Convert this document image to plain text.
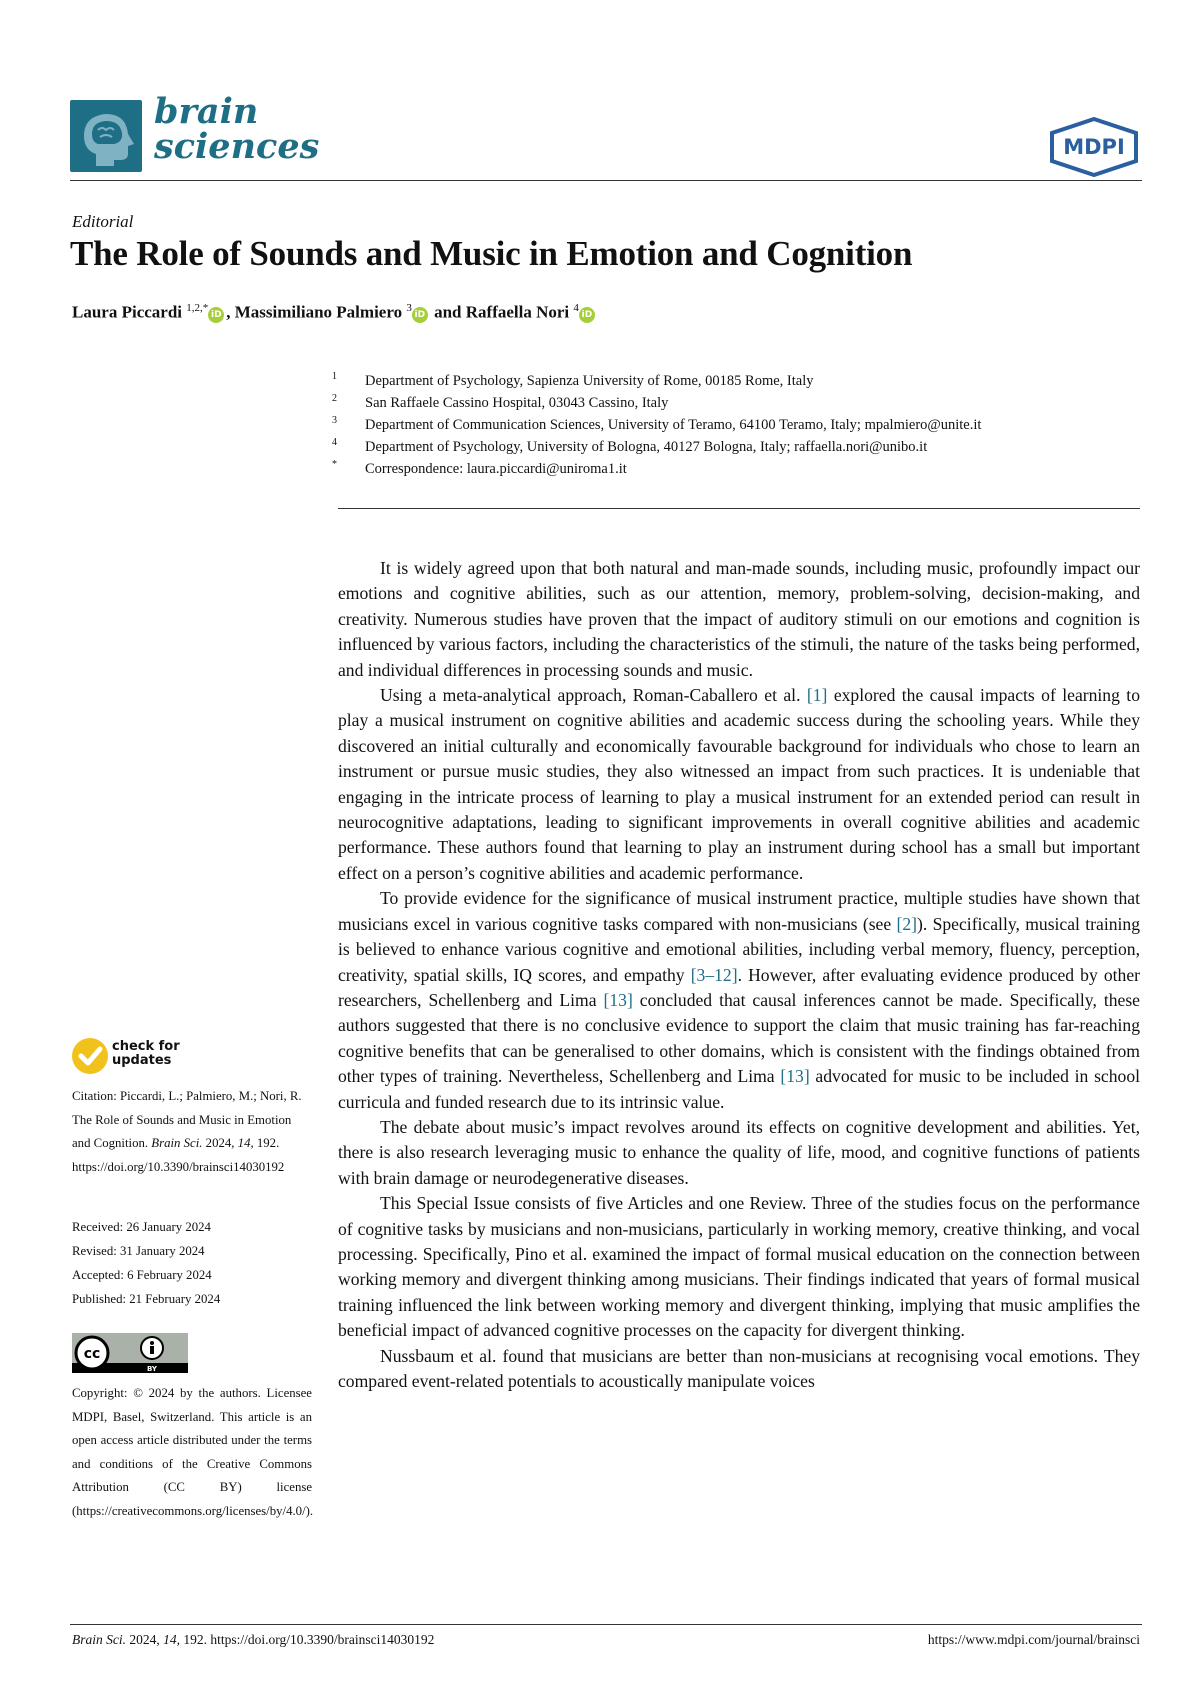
brain
sciences	MDPI
Editorial
The Role of Sounds and Music in Emotion and Cognition
Laura Piccardi $^{1,2,*}$iD , Massimiliano Palmiero $^3$iD and Raffaella Nori $^4$iD
1 Department of Psychology, Sapienza University of Rome, 00185 Rome, Italy
2 San Raffaele Cassino Hospital, 03043 Cassino, Italy
3 Department of Communication Sciences, University of Teramo, 64100 Teramo, Italy; mpalmiero@unite.it
4 Department of Psychology, University of Bologna, 40127 Bologna, Italy; raffaella.nori@unibo.it
* Correspondence: laura.piccardi@uniroma1.it

It is widely agreed upon that both natural and man-made sounds, including music, profoundly impact our emotions and cognitive abilities, such as our attention, memory, problem-solving, decision-making, and creativity. Numerous studies have proven that the impact of auditory stimuli on our emotions and cognition is influenced by various factors, including the characteristics of the stimuli, the nature of the tasks being performed, and individual differences in processing sounds and music.

Using a meta-analytical approach, Roman-Caballero et al. [1] explored the causal impacts of learning to play a musical instrument on cognitive abilities and academic success during the schooling years. While they discovered an initial culturally and economically favourable background for individuals who chose to learn an instrument or pursue music studies, they also witnessed an impact from such practices. It is undeniable that engaging in the intricate process of learning to play a musical instrument for an extended period can result in neurocognitive adaptations, leading to significant improvements in overall cognitive abilities and academic performance. These authors found that learning to play an instrument during school has a small but important effect on a person’s cognitive abilities and academic performance.

To provide evidence for the significance of musical instrument practice, multiple studies have shown that musicians excel in various cognitive tasks compared with non-musicians (see [2]). Specifically, musical training is believed to enhance various cognitive and emotional abilities, including verbal memory, fluency, perception, creativity, spatial skills, IQ scores, and empathy [3–12]. However, after evaluating evidence produced by other researchers, Schellenberg and Lima [13] concluded that causal inferences cannot be made. Specifically, these authors suggested that there is no conclusive evidence to support the claim that music training has far-reaching cognitive benefits that can be generalised to other domains, which is consistent with the findings obtained from other types of training. Nevertheless, Schellenberg and Lima [13] advocated for music to be included in school curricula and funded research due to its intrinsic value.

The debate about music’s impact revolves around its effects on cognitive development and abilities. Yet, there is also research leveraging music to enhance the quality of life, mood, and cognitive functions of patients with brain damage or neurodegenerative diseases.

This Special Issue consists of five Articles and one Review. Three of the studies focus on the performance of cognitive tasks by musicians and non-musicians, particularly in working memory, creative thinking, and vocal processing. Specifically, Pino et al. examined the impact of formal musical education on the connection between working memory and divergent thinking among musicians. Their findings indicated that years of formal musical training influenced the link between working memory and divergent thinking, implying that music amplifies the beneficial impact of advanced cognitive processes on the capacity for divergent thinking.

Nussbaum et al. found that musicians are better than non-musicians at recognising vocal emotions. They compared event-related potentials to acoustically manipulate voices

check for
updates
Citation: Piccardi, L.; Palmiero, M.; Nori, R. The Role of Sounds and Music in Emotion and Cognition. Brain Sci. 2024, 14, 192. https://doi.org/10.3390/brainsci14030192
Received: 26 January 2024
Revised: 31 January 2024
Accepted: 6 February 2024
Published: 21 February 2024
cc
BY
Copyright: © 2024 by the authors. Licensee MDPI, Basel, Switzerland. This article is an open access article distributed under the terms and conditions of the Creative Commons Attribution (CC BY) license (https://creativecommons.org/licenses/by/4.0/).
Brain Sci. 2024, 14, 192. https://doi.org/10.3390/brainsci14030192	https://www.mdpi.com/journal/brainsci
